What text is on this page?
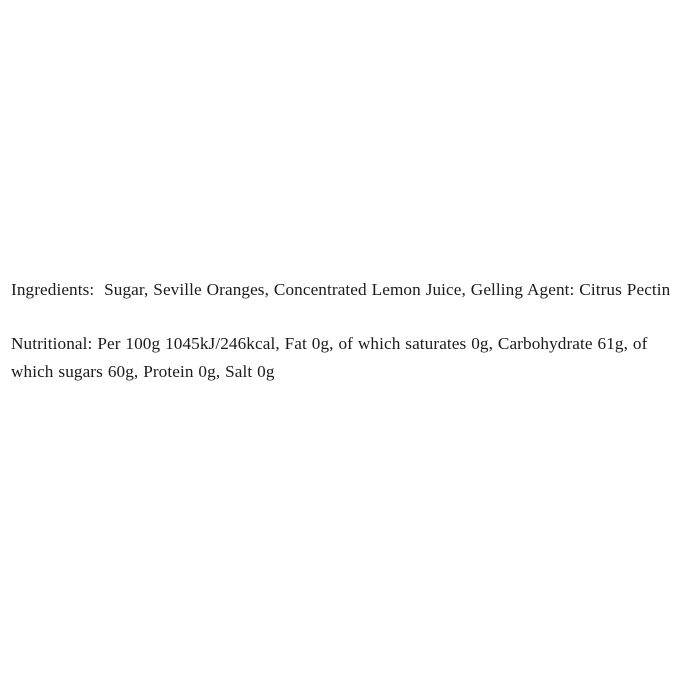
Ingredients: Sugar, Seville Oranges, Concentrated Lemon Juice, Gelling Agent: Citrus Pectin

Nutritional: Per 100g 1045kJ/246kcal, Fat 0g, of which saturates 0g, Carbohydrate 61g, of which sugars 60g, Protein 0g, Salt 0g
